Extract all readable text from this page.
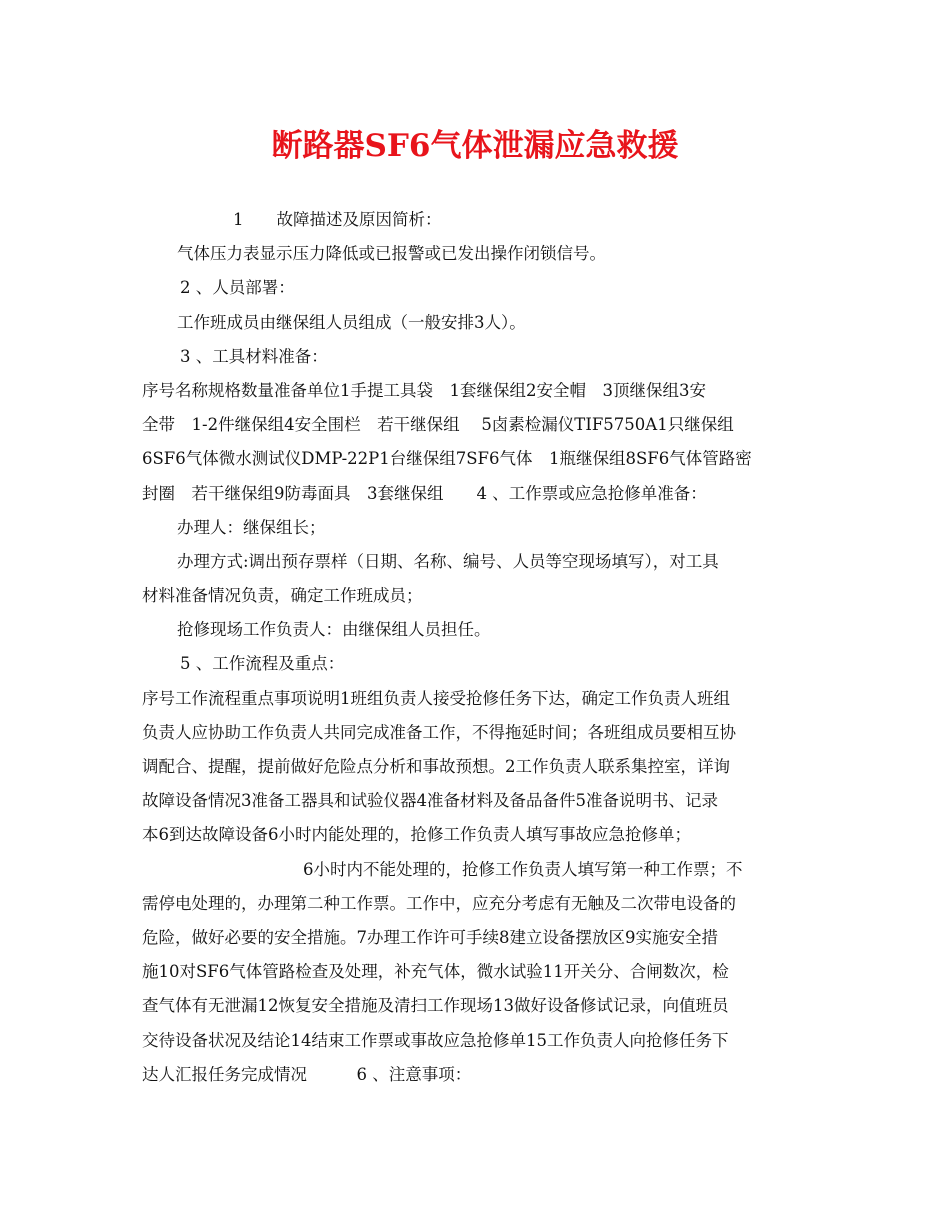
断路器SF6气体泄漏应急救援
1　　故障描述及原因简析：
气体压力表显示压力降低或已报警或已发出操作闭锁信号。
2 、人员部署：
工作班成员由继保组人员组成（一般安排3人）。
3 、工具材料准备：
序号名称规格数量准备单位1手提工具袋　1套继保组2安全帽　3顶继保组3安
全带　1-2件继保组4安全围栏　若干继保组　 5卤素检漏仪TIF5750A1只继保组
6SF6气体微水测试仪DMP-22P1台继保组7SF6气体　1瓶继保组8SF6气体管路密
封圈　若干继保组9防毒面具　3套继保组　　4 、工作票或应急抢修单准备：
办理人：继保组长；
办理方式:调出预存票样（日期、名称、编号、人员等空现场填写），对工具
材料准备情况负责，确定工作班成员；
抢修现场工作负责人：由继保组人员担任。
5 、工作流程及重点：
序号工作流程重点事项说明1班组负责人接受抢修任务下达，确定工作负责人班组
负责人应协助工作负责人共同完成准备工作，不得拖延时间；各班组成员要相互协
调配合、提醒，提前做好危险点分析和事故预想。2工作负责人联系集控室，详询
故障设备情况3准备工器具和试验仪器4准备材料及备品备件5准备说明书、记录
本6到达故障设备6小时内能处理的，抢修工作负责人填写事故应急抢修单；
6小时内不能处理的，抢修工作负责人填写第一种工作票；不
需停电处理的，办理第二种工作票。工作中，应充分考虑有无触及二次带电设备的
危险，做好必要的安全措施。7办理工作许可手续8建立设备摆放区9实施安全措
施10对SF6气体管路检查及处理，补充气体，微水试验11开关分、合闸数次，检
查气体有无泄漏12恢复安全措施及清扫工作现场13做好设备修试记录，向值班员
交待设备状况及结论14结束工作票或事故应急抢修单15工作负责人向抢修任务下
达人汇报任务完成情况　　　6 、注意事项：
